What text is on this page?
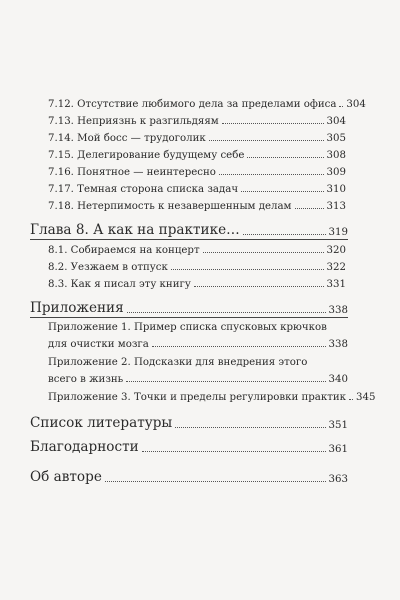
7.12. Отсутствие любимого дела за пределами офиса 304
7.13. Неприязнь к разгильдяям	304
7.14. Мой босс — трудоголик	305
7.15. Делегирование будущему себе	308
7.16. Понятное — неинтересно	309
7.17. Темная сторона списка задач	310
7.18. Нетерпимость к незавершенным делам	313
Глава 8. А как на практике…	319
8.1. Собираемся на концерт	320
8.2. Уезжаем в отпуск	322
8.3. Как я писал эту книгу	331
Приложения	338
Приложение 1. Пример списка спусковых крючков
для очистки мозга	338
Приложение 2. Подсказки для внедрения этого
всего в жизнь	340
Приложение 3. Точки и пределы регулировки практик 345
Список литературы	351
Благодарности	361
Об авторе	363
